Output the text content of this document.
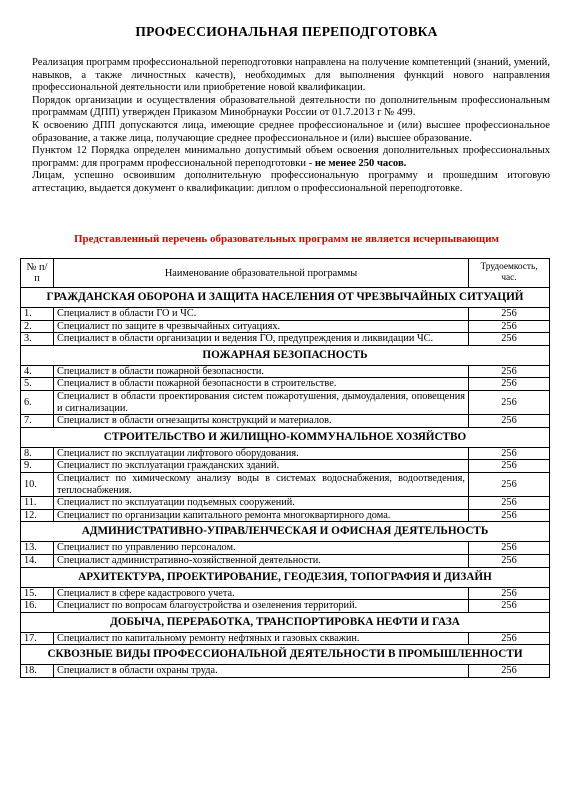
ПРОФЕССИОНАЛЬНАЯ ПЕРЕПОДГОТОВКА

Реализация программ профессиональной переподготовки направлена на получение компетенций (знаний, умений, навыков, а также личностных качеств), необходимых для выполнения функций нового направления профессиональной деятельности или приобретение новой квалификации.

Порядок организации и осуществления образовательной деятельности по дополнительным профессиональным программам (ДПП) утвержден Приказом Минобрнауки России от 01.7.2013 г № 499.

К освоению ДПП допускаются лица, имеющие среднее профессиональное и (или) высшее профессиональное образование, а также лица, получающие среднее профессиональное и (или) высшее образование.

Пунктом 12 Порядка определен минимально допустимый объем освоения дополнительных профессиональных программ: для программ профессиональной переподготовки - не менее 250 часов.

Лицам, успешно освоившим дополнительную профессиональную программу и прошедшим итоговую аттестацию, выдается документ о квалификации: диплом о профессиональной переподготовке.

Представленный перечень образовательных программ не является исчерпывающим
№ п/п	Наименование образовательной программы	Трудоемкость, час.
ГРАЖДАНСКАЯ ОБОРОНА И ЗАЩИТА НАСЕЛЕНИЯ ОТ ЧРЕЗВЫЧАЙНЫХ СИТУАЦИЙ		
1.	Специалист в области ГО и ЧС.	256
2.	Специалист по защите в чрезвычайных ситуациях.	256
3.	Специалист в области организации и ведения ГО, предупреждения и ликвидации ЧС.	256
ПОЖАРНАЯ БЕЗОПАСНОСТЬ		
4.	Специалист в области пожарной безопасности.	256
5.	Специалист в области пожарной безопасности в строительстве.	256
6.	Специалист в области проектирования систем пожаротушения, дымоудаления, оповещения и сигнализации.	256
7.	Специалист в области огнезащиты конструкций и материалов.	256
СТРОИТЕЛЬСТВО И ЖИЛИЩНО-КОММУНАЛЬНОЕ ХОЗЯЙСТВО		
8.	Специалист по эксплуатации лифтового оборудования.	256
9.	Специалист по эксплуатации гражданских зданий.	256
10.	Специалист по химическому анализу воды в системах водоснабжения, водоотведения, теплоснабжения.	256
11.	Специалист по эксплуатации подъемных сооружений.	256
12.	Специалист по организации капитального ремонта многоквартирного дома.	256
АДМИНИСТРАТИВНО-УПРАВЛЕНЧЕСКАЯ И ОФИСНАЯ ДЕЯТЕЛЬНОСТЬ		
13.	Специалист по управлению персоналом.	256
14.	Специалист административно-хозяйственной деятельности.	256
АРХИТЕКТУРА, ПРОЕКТИРОВАНИЕ, ГЕОДЕЗИЯ, ТОПОГРАФИЯ И ДИЗАЙН		
15.	Специалист в сфере кадастрового учета.	256
16.	Специалист по вопросам благоустройства и озеленения территорий.	256
ДОБЫЧА, ПЕРЕРАБОТКА, ТРАНСПОРТИРОВКА НЕФТИ И ГАЗА		
17.	Специалист по капитальному ремонту нефтяных и газовых скважин.	256
СКВОЗНЫЕ ВИДЫ ПРОФЕССИОНАЛЬНОЙ ДЕЯТЕЛЬНОСТИ В ПРОМЫШЛЕННОСТИ		
18.	Специалист в области охраны труда.	256
